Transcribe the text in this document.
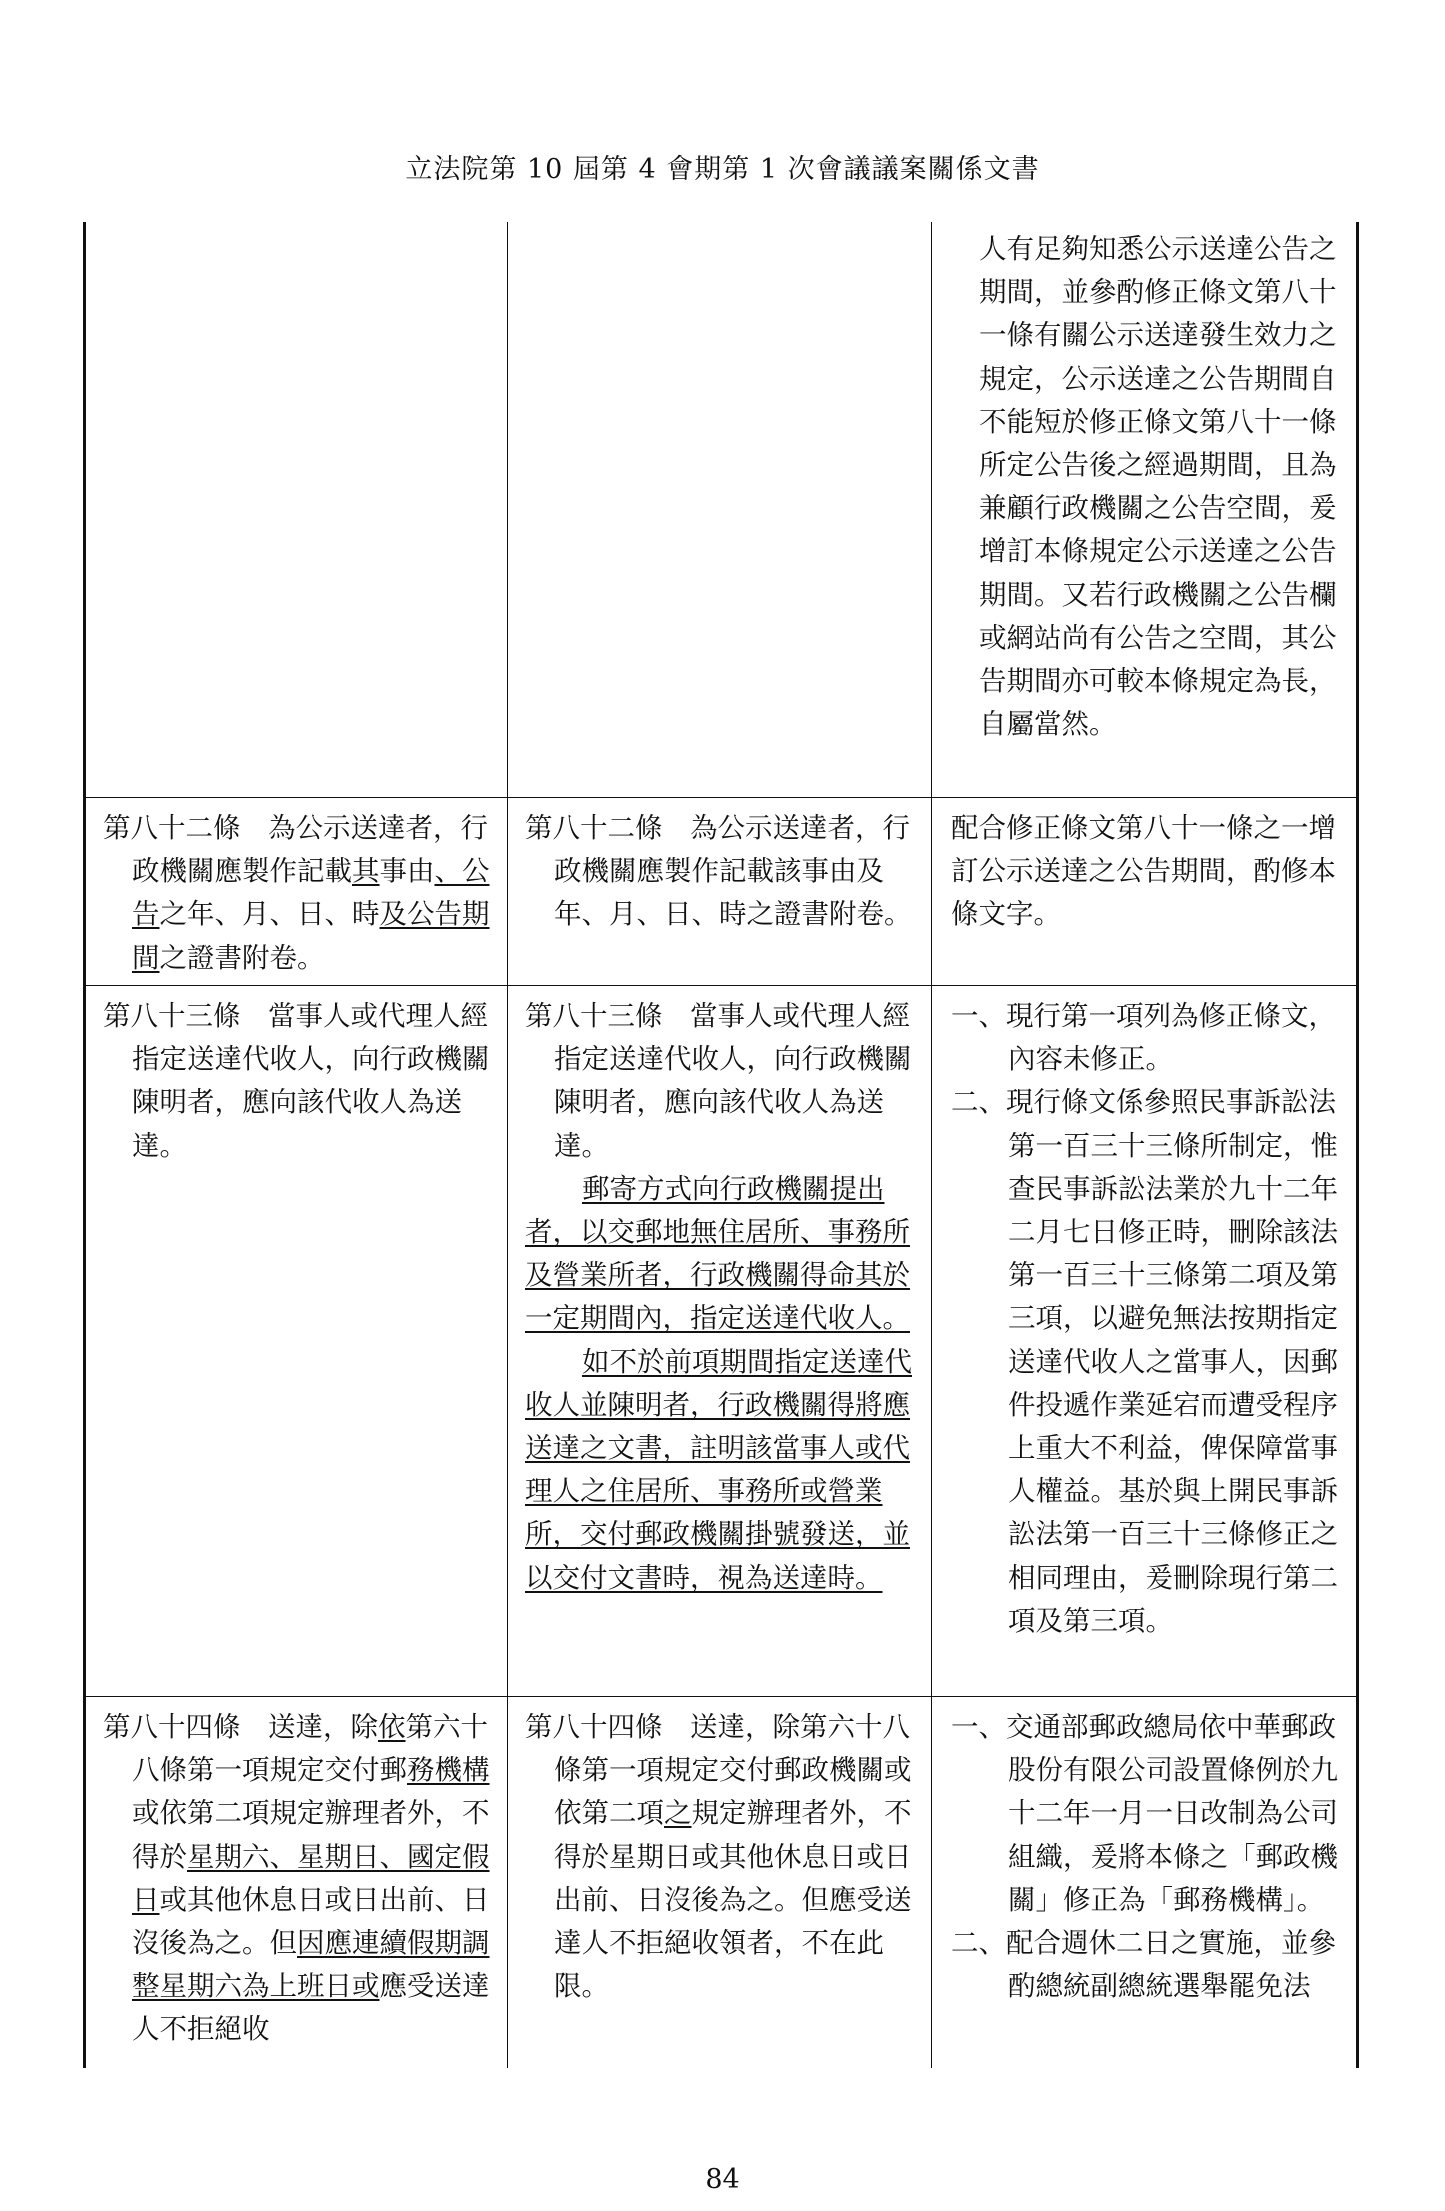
立法院第 10 屆第 4 會期第 1 次會議議案關係文書

人有足夠知悉公示送達公告之期間，並參酌修正條文第八十一條有關公示送達發生效力之規定，公示送達之公告期間自不能短於修正條文第八十一條所定公告後之經過期間，且為兼顧行政機關之公告空間，爰增訂本條規定公示送達之公告期間。又若行政機關之公告欄或網站尚有公告之空間，其公告期間亦可較本條規定為長，自屬當然。

第八十二條　為公示送達者，行政機關應製作記載其事由、公告之年、月、日、時及公告期間之證書附卷。

第八十二條　為公示送達者，行政機關應製作記載該事由及年、月、日、時之證書附卷。

配合修正條文第八十一條之一增訂公示送達之公告期間，酌修本條文字。

第八十三條　當事人或代理人經指定送達代收人，向行政機關陳明者，應向該代收人為送達。

第八十三條　當事人或代理人經指定送達代收人，向行政機關陳明者，應向該代收人為送達。

郵寄方式向行政機關提出者，以交郵地無住居所、事務所及營業所者，行政機關得命其於一定期間內，指定送達代收人。

如不於前項期間指定送達代收人並陳明者，行政機關得將應送達之文書，註明該當事人或代理人之住居所、事務所或營業所，交付郵政機關掛號發送，並以交付文書時，視為送達時。

一、現行第一項列為修正條文，內容未修正。

二、現行條文係參照民事訴訟法第一百三十三條所制定，惟查民事訴訟法業於九十二年二月七日修正時，刪除該法第一百三十三條第二項及第三項，以避免無法按期指定送達代收人之當事人，因郵件投遞作業延宕而遭受程序上重大不利益，俾保障當事人權益。基於與上開民事訴訟法第一百三十三條修正之相同理由，爰刪除現行第二項及第三項。

第八十四條　送達，除依第六十八條第一項規定交付郵務機構或依第二項規定辦理者外，不得於星期六、星期日、國定假日或其他休息日或日出前、日沒後為之。但因應連續假期調整星期六為上班日或應受送達人不拒絕收

第八十四條　送達，除第六十八條第一項規定交付郵政機關或依第二項之規定辦理者外，不得於星期日或其他休息日或日出前、日沒後為之。但應受送達人不拒絕收領者，不在此限。

一、交通部郵政總局依中華郵政股份有限公司設置條例於九十二年一月一日改制為公司組織，爰將本條之「郵政機關」修正為「郵務機構」。

二、配合週休二日之實施，並參酌總統副總統選舉罷免法

84
